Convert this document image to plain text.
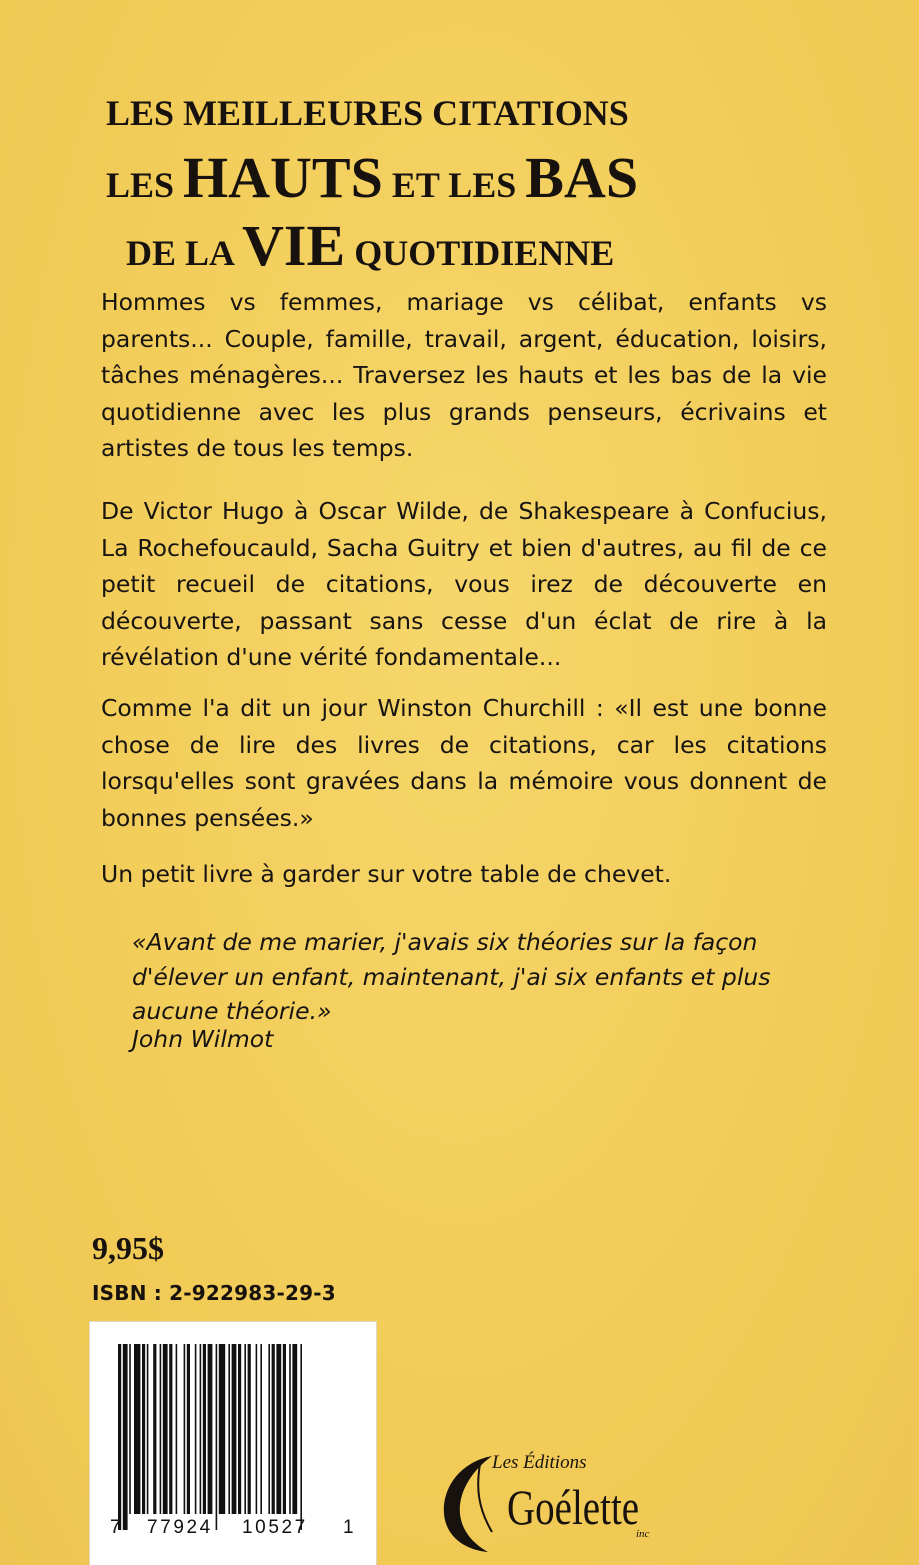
LES MEILLEURES CITATIONS
LES HAUTS ET LES BAS
DE LA VIE QUOTIDIENNE

Hommes vs femmes, mariage vs célibat, enfants vs parents... Couple, famille, travail, argent, éducation, loisirs, tâches ménagères... Traversez les hauts et les bas de la vie quotidienne avec les plus grands penseurs, écrivains et artistes de tous les temps.

De Victor Hugo à Oscar Wilde, de Shakespeare à Confucius, La Rochefoucauld, Sacha Guitry et bien d'autres, au fil de ce petit recueil de citations, vous irez de découverte en découverte, passant sans cesse d'un éclat de rire à la révélation d'une vérité fondamentale...

Comme l'a dit un jour Winston Churchill : «Il est une bonne chose de lire des livres de citations, car les citations lorsqu'elles sont gravées dans la mémoire vous donnent de bonnes pensées.»

Un petit livre à garder sur votre table de chevet.

«Avant de me marier, j'avais six théories sur la façon d'élever un enfant, maintenant, j'ai six enfants et plus aucune théorie.»

John Wilmot
9,95$
ISBN : 2-922983-29-3
7 77924 10527 1
Les Éditions
Goélette
inc
